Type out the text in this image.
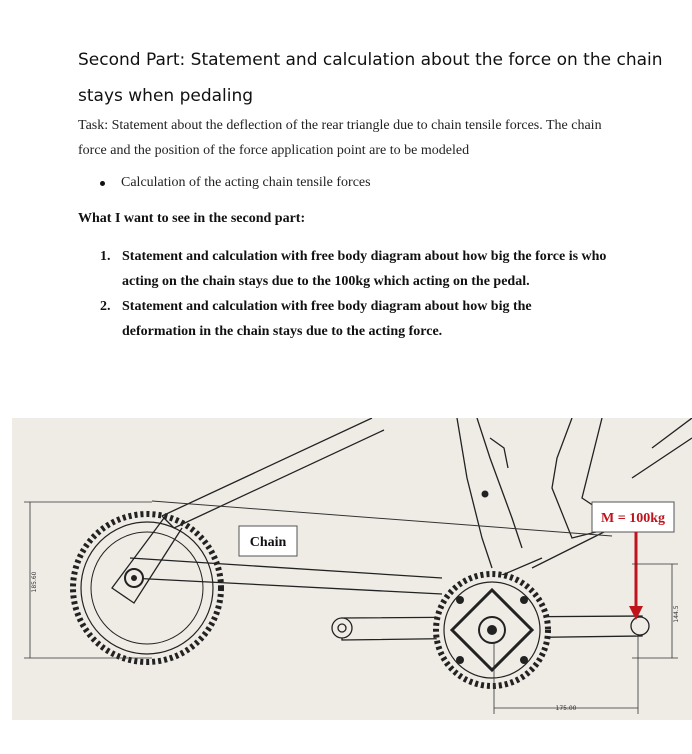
Second Part: Statement and calculation about the force on the chain
stays when pedaling
Task: Statement about the deflection of the rear triangle due to chain tensile forces. The chain
force and the position of the force application point are to be modeled
Calculation of the acting chain tensile forces
What I want to see in the second part:
1. Statement and calculation with free body diagram about how big the force is who
acting on the chain stays due to the 100kg which acting on the pedal.
2. Statement and calculation with free body diagram about how big the
deformation in the chain stays due to the acting force.
Chain
M = 100kg
185.60
175.00
144.5
